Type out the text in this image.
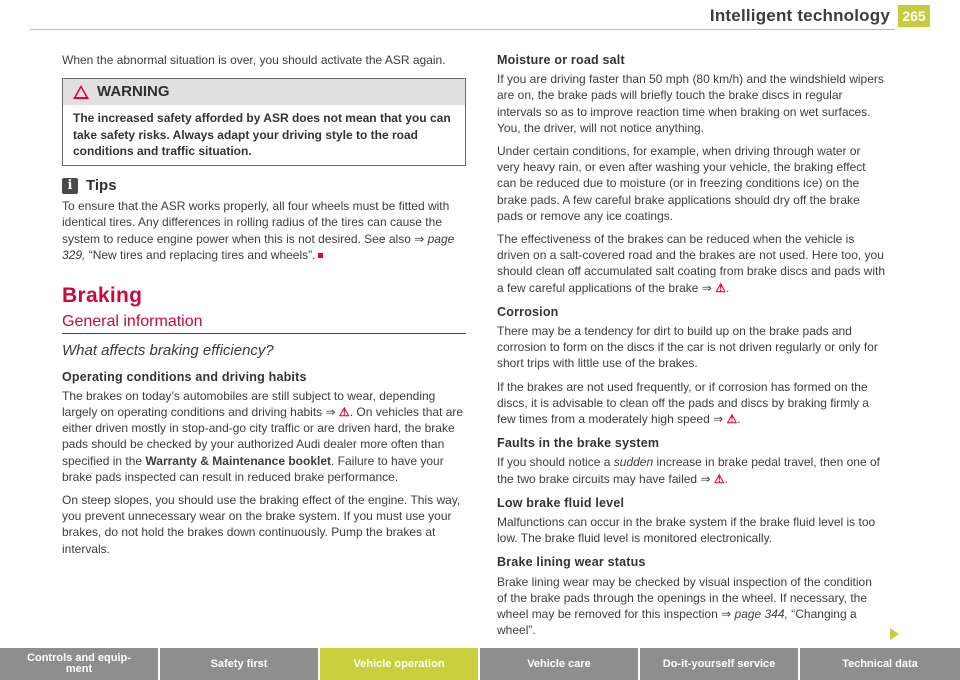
Intelligent technology 265

When the abnormal situation is over, you should activate the ASR again.

WARNING
The increased safety afforded by ASR does not mean that you can take safety risks. Always adapt your driving style to the road conditions and traffic situation.
i Tips

To ensure that the ASR works properly, all four wheels must be fitted with identical tires. Any differences in rolling radius of the tires can cause the system to reduce engine power when this is not desired. See also ⇒ page 329, “New tires and replacing tires and wheels”.

Braking
General information
What affects braking efficiency?
Operating conditions and driving habits

The brakes on today’s automobiles are still subject to wear, depending largely on operating conditions and driving habits ⇒ ⚠. On vehicles that are either driven mostly in stop-and-go city traffic or are driven hard, the brake pads should be checked by your authorized Audi dealer more often than specified in the Warranty & Maintenance booklet. Failure to have your brake pads inspected can result in reduced brake performance.

On steep slopes, you should use the braking effect of the engine. This way, you prevent unnecessary wear on the brake system. If you must use your brakes, do not hold the brakes down continuously. Pump the brakes at intervals.

Moisture or road salt

If you are driving faster than 50 mph (80 km/h) and the windshield wipers are on, the brake pads will briefly touch the brake discs in regular intervals so as to improve reaction time when braking on wet surfaces. You, the driver, will not notice anything.

Under certain conditions, for example, when driving through water or very heavy rain, or even after washing your vehicle, the braking effect can be reduced due to moisture (or in freezing conditions ice) on the brake pads. A few careful brake applications should dry off the brake pads or remove any ice coatings.

The effectiveness of the brakes can be reduced when the vehicle is driven on a salt-covered road and the brakes are not used. Here too, you should clean off accumulated salt coating from brake discs and pads with a few careful applications of the brake ⇒ ⚠.

Corrosion

There may be a tendency for dirt to build up on the brake pads and corrosion to form on the discs if the car is not driven regularly or only for short trips with little use of the brakes.

If the brakes are not used frequently, or if corrosion has formed on the discs, it is advisable to clean off the pads and discs by braking firmly a few times from a moderately high speed ⇒ ⚠.

Faults in the brake system

If you should notice a sudden increase in brake pedal travel, then one of the two brake circuits may have failed ⇒ ⚠.

Low brake fluid level

Malfunctions can occur in the brake system if the brake fluid level is too low. The brake fluid level is monitored electronically.

Brake lining wear status

Brake lining wear may be checked by visual inspection of the condition of the brake pads through the openings in the wheel. If necessary, the wheel may be removed for this inspection ⇒ page 344, “Changing a wheel”.

Controls and equip-
ment	Safety first	Vehicle operation	Vehicle care	Do-it-yourself service	Technical data
